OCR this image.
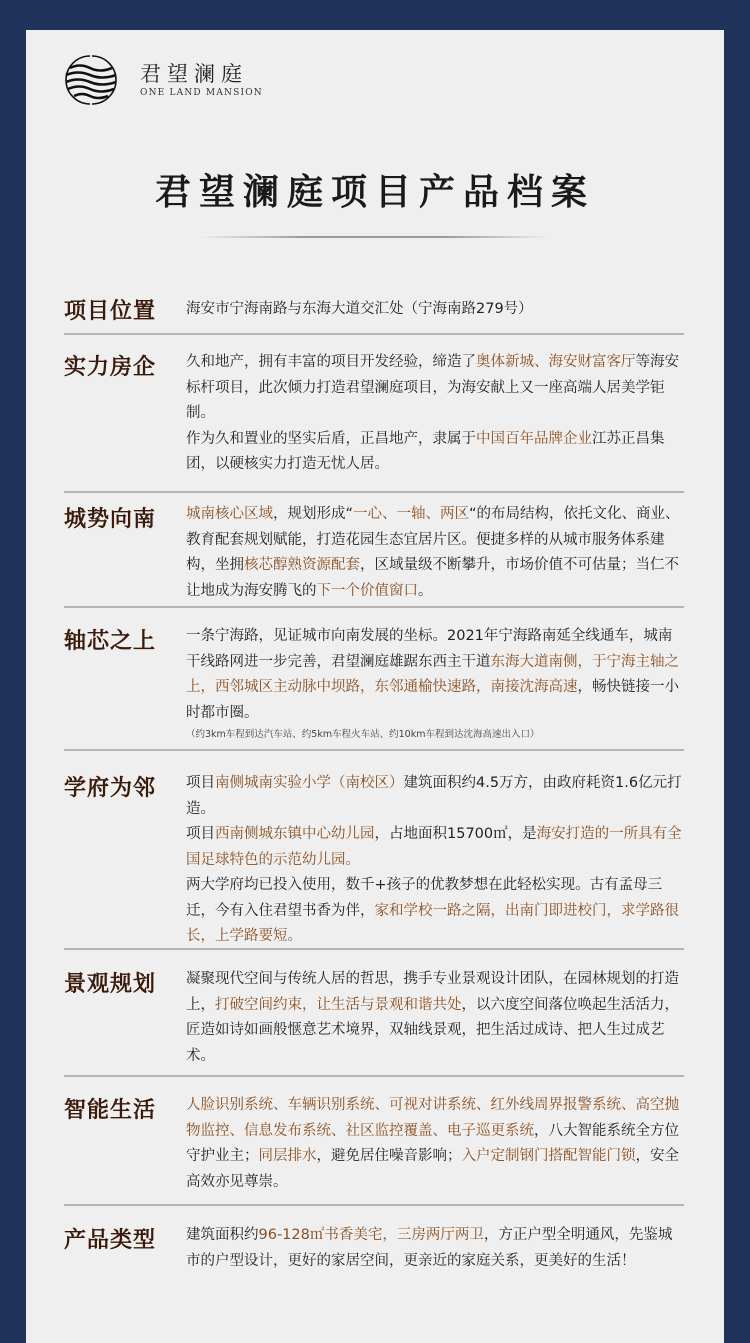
君望澜庭
ONE LAND MANSION
君望澜庭项目产品档案
项目位置 海安市宁海南路与东海大道交汇处（宁海南路279号）

实力房企 久和地产，拥有丰富的项目开发经验，缔造了奥体新城、海安财富客厅等海安标杆项目，此次倾力打造君望澜庭项目，为海安献上又一座高端人居美学钜制。

作为久和置业的坚实后盾，正昌地产，隶属于中国百年品牌企业江苏正昌集团，以硬核实力打造无忧人居。

城势向南 城南核心区域，规划形成“一心、一轴、两区“的布局结构，依托文化、商业、教育配套规划赋能，打造花园生态宜居片区。便捷多样的从城市服务体系建构，坐拥核芯醇熟资源配套，区域量级不断攀升，市场价值不可估量；当仁不让地成为海安腾飞的下一个价值窗口。

轴芯之上 一条宁海路，见证城市向南发展的坐标。2021年宁海路南延全线通车，城南干线路网进一步完善，君望澜庭雄踞东西主干道东海大道南侧，于宁海主轴之上，西邻城区主动脉中坝路，东邻通榆快速路，南接沈海高速，畅快链接一小时都市圈。

（约3km车程到达汽车站、约5km车程火车站、约10km车程到达沈海高速出入口）

学府为邻 项目南侧城南实验小学（南校区）建筑面积约4.5万方，由政府耗资1.6亿元打造。

项目西南侧城东镇中心幼儿园，占地面积15700㎡，是海安打造的一所具有全国足球特色的示范幼儿园。

两大学府均已投入使用，数千+孩子的优教梦想在此轻松实现。古有孟母三迁，今有入住君望书香为伴，家和学校一路之隔，出南门即进校门，求学路很长，上学路要短。

景观规划 凝聚现代空间与传统人居的哲思，携手专业景观设计团队，在园林规划的打造上，打破空间约束，让生活与景观和谐共处，以六度空间落位唤起生活活力，匠造如诗如画般惬意艺术境界，双轴线景观，把生活过成诗、把人生过成艺术。

智能生活 人脸识别系统、车辆识别系统、可视对讲系统、红外线周界报警系统、高空抛物监控、信息发布系统、社区监控覆盖、电子巡更系统，八大智能系统全方位守护业主；同层排水，避免居住噪音影响；入户定制钢门搭配智能门锁，安全高效亦见尊崇。

产品类型 建筑面积约96-128㎡书香美宅，三房两厅两卫，方正户型全明通风，先鉴城市的户型设计，更好的家居空间，更亲近的家庭关系，更美好的生活！
